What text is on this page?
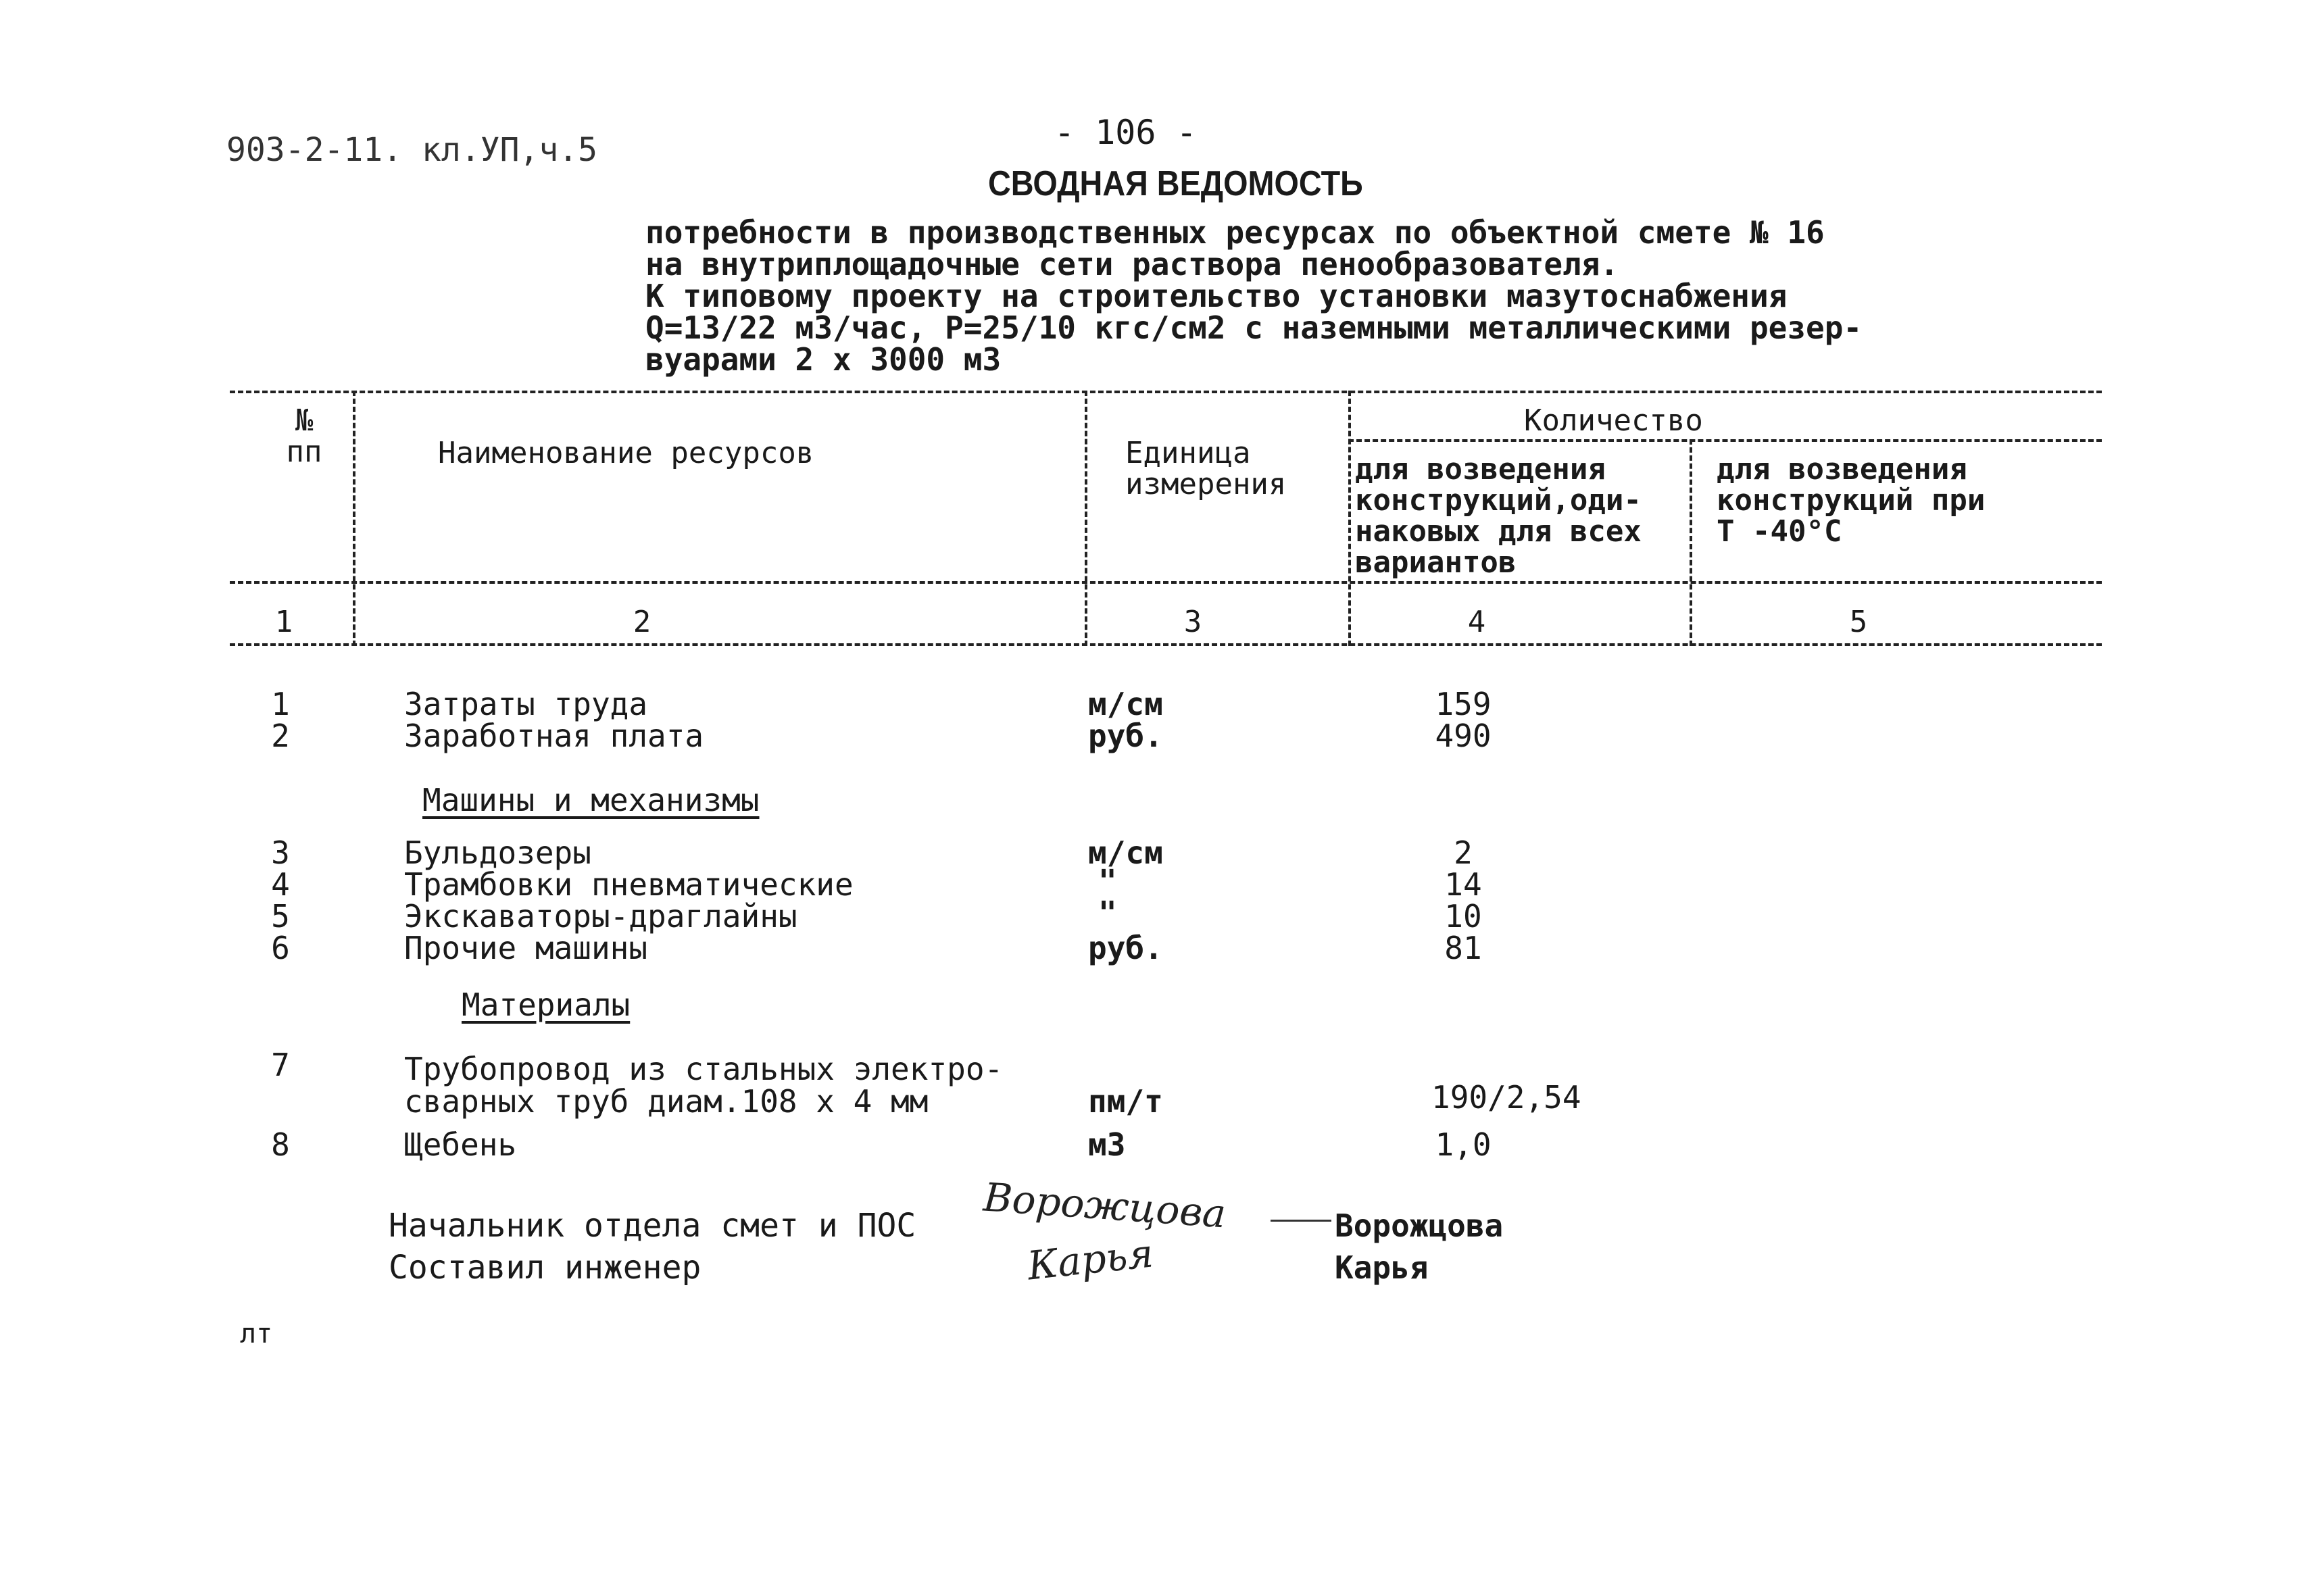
903-2-11. кл.УП,ч.5	- 106 -
СВОДНАЯ ВЕДОМОСТЬ
потребности в производственных ресурсах по объектной смете № 16
на внутриплощадочные сети раствора пенообразователя.
К типовому проекту на строительство установки мазутоснабжения
Q=13/22 м3/час, Р=25/10 кгс/см2 с наземными металлическими резер-
вуарами 2 х 3000 м3
№
пп	Наименование ресурсов	Единица
измерения
Количество
для возведения
конструкций,оди-
наковых для всех
вариантов
для возведения
конструкций при
Т -40°С
1	2	3	4	5
1	Затраты труда	м/см	159
2	Заработная плата	руб.	490
Машины и механизмы
3	Бульдозеры	м/см	2
4	Трамбовки пневматические	"	14
5	Экскаваторы-драглайны	"	10
6	Прочие машины	руб.	81
Материалы
7	Трубопровод из стальных электро-
сварных труб диам.108 х 4 мм	пм/т	190/2,54
8	Щебень	м3	1,0
Начальник отдела смет и ПОС Ворожцова	Ворожцова
Составил инженер	Карья	Карья
лт
